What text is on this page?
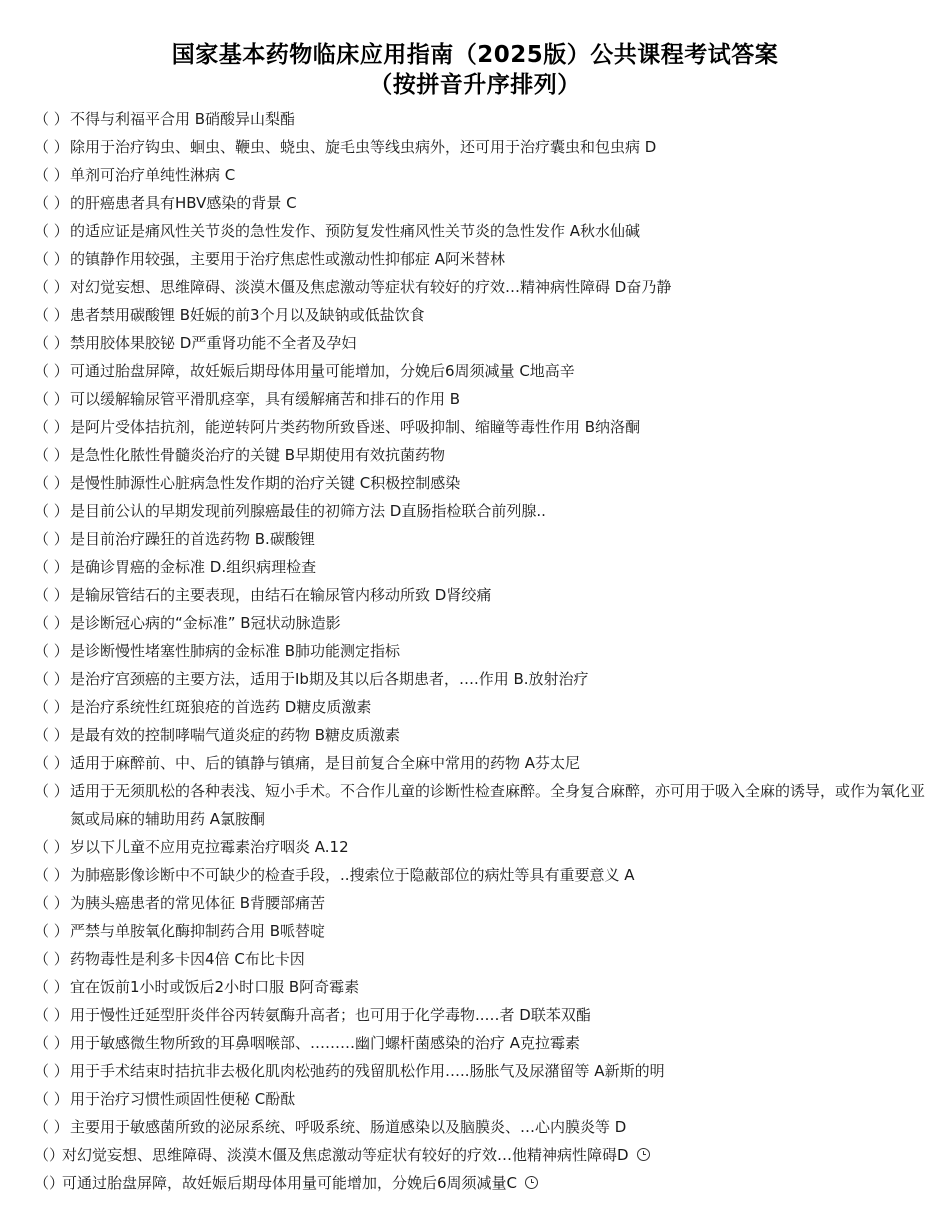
国家基本药物临床应用指南（2025版）公共课程考试答案
（按拼音升序排列）
（ ）不得与利福平合用 B硝酸异山梨酯
（ ）除用于治疗钩虫、蛔虫、鞭虫、蛲虫、旋毛虫等线虫病外，还可用于治疗囊虫和包虫病 D
（ ）单剂可治疗单纯性淋病 C
（ ）的肝癌患者具有HBV感染的背景 C
（ ）的适应证是痛风性关节炎的急性发作、预防复发性痛风性关节炎的急性发作 A秋水仙碱
（ ）的镇静作用较强，主要用于治疗焦虑性或激动性抑郁症 A阿米替林
（ ）对幻觉妄想、思维障碍、淡漠木僵及焦虑激动等症状有较好的疗效…精神病性障碍 D奋乃静
（ ）患者禁用碳酸锂 B妊娠的前3个月以及缺钠或低盐饮食
（ ）禁用胶体果胶铋 D严重肾功能不全者及孕妇
（ ）可通过胎盘屏障，故妊娠后期母体用量可能增加，分娩后6周须减量 C地高辛
（ ）可以缓解输尿管平滑肌痉挛，具有缓解痛苦和排石的作用 B
（ ）是阿片受体拮抗剂，能逆转阿片类药物所致昏迷、呼吸抑制、缩瞳等毒性作用 B纳洛酮
（ ）是急性化脓性骨髓炎治疗的关键 B早期使用有效抗菌药物
（ ）是慢性肺源性心脏病急性发作期的治疗关键 C积极控制感染
（ ）是目前公认的早期发现前列腺癌最佳的初筛方法 D直肠指检联合前列腺..
（ ）是目前治疗躁狂的首选药物 B.碳酸锂
（ ）是确诊胃癌的金标准 D.组织病理检查
（ ）是输尿管结石的主要表现，由结石在输尿管内移动所致 D肾绞痛
（ ）是诊断冠心病的“金标准” B冠状动脉造影
（ ）是诊断慢性堵塞性肺病的金标准 B肺功能测定指标
（ ）是治疗宫颈癌的主要方法，适用于Ⅰb期及其以后各期患者，….作用 B.放射治疗
（ ）是治疗系统性红斑狼疮的首选药 D糖皮质激素
（ ）是最有效的控制哮喘气道炎症的药物 B糖皮质激素
（ ）适用于麻醉前、中、后的镇静与镇痛，是目前复合全麻中常用的药物 A芬太尼
（ ）适用于无须肌松的各种表浅、短小手术。不合作儿童的诊断性检查麻醉。全身复合麻醉，亦可用于吸入全麻的诱导，或作为氧化亚氮或局麻的辅助用药 A氯胺酮
（ ）岁以下儿童不应用克拉霉素治疗咽炎 A.12
（ ）为肺癌影像诊断中不可缺少的检查手段，..搜索位于隐蔽部位的病灶等具有重要意义 A
（ ）为胰头癌患者的常见体征 B背腰部痛苦
（ ）严禁与单胺氧化酶抑制药合用 B哌替啶
（ ）药物毒性是利多卡因4倍 C布比卡因
（ ）宜在饭前1小时或饭后2小时口服 B阿奇霉素
（ ）用于慢性迁延型肝炎伴谷丙转氨酶升高者；也可用于化学毒物..…者 D联苯双酯
（ ）用于敏感微生物所致的耳鼻咽喉部、………幽门螺杆菌感染的治疗 A克拉霉素
（ ）用于手术结束时拮抗非去极化肌肉松弛药的残留肌松作用…..肠胀气及尿潴留等 A新斯的明
（ ）用于治疗习惯性顽固性便秘 C酚酞
（ ）主要用于敏感菌所致的泌尿系统、呼吸系统、肠道感染以及脑膜炎、…心内膜炎等 D
（）对幻觉妄想、思维障碍、淡漠木僵及焦虑激动等症状有较好的疗效…他精神病性障碍D
（）可通过胎盘屏障，故妊娠后期母体用量可能增加，分娩后6周须减量C
